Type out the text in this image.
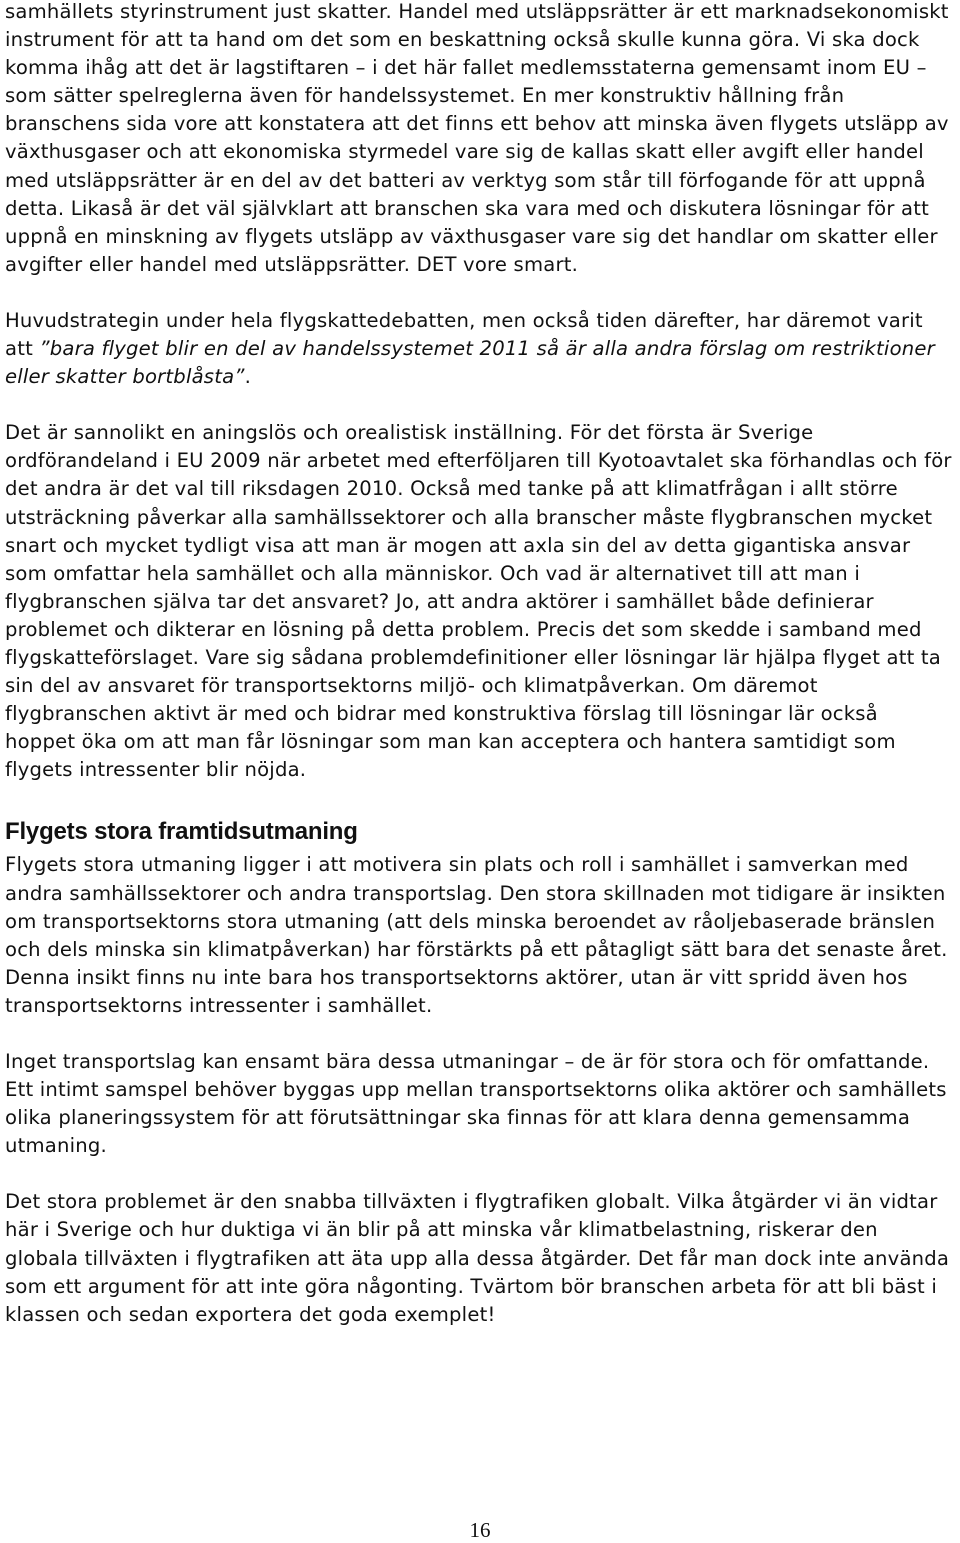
samhällets styrinstrument just skatter. Handel med utsläppsrätter är ett marknadsekonomiskt instrument för att ta hand om det som en beskattning också skulle kunna göra. Vi ska dock komma ihåg att det är lagstiftaren – i det här fallet medlemsstaterna gemensamt inom EU – som sätter spelreglerna även för handelssystemet. En mer konstruktiv hållning från branschens sida vore att konstatera att det finns ett behov att minska även flygets utsläpp av växthusgaser och att ekonomiska styrmedel vare sig de kallas skatt eller avgift eller handel med utsläppsrätter är en del av det batteri av verktyg som står till förfogande för att uppnå detta. Likaså är det väl självklart att branschen ska vara med och diskutera lösningar för att uppnå en minskning av flygets utsläpp av växthusgaser vare sig det handlar om skatter eller avgifter eller handel med utsläppsrätter. DET vore smart.

Huvudstrategin under hela flygskattedebatten, men också tiden därefter, har däremot varit att ”bara flyget blir en del av handelssystemet 2011 så är alla andra förslag om restriktioner eller skatter bortblåsta”.

Det är sannolikt en aningslös och orealistisk inställning. För det första är Sverige ordförandeland i EU 2009 när arbetet med efterföljaren till Kyotoavtalet ska förhandlas och för det andra är det val till riksdagen 2010. Också med tanke på att klimatfrågan i allt större utsträckning påverkar alla samhällssektorer och alla branscher måste flygbranschen mycket snart och mycket tydligt visa att man är mogen att axla sin del av detta gigantiska ansvar som omfattar hela samhället och alla människor. Och vad är alternativet till att man i flygbranschen själva tar det ansvaret? Jo, att andra aktörer i samhället både definierar problemet och dikterar en lösning på detta problem. Precis det som skedde i samband med flygskatteförslaget. Vare sig sådana problemdefinitioner eller lösningar lär hjälpa flyget att ta sin del av ansvaret för transportsektorns miljö- och klimatpåverkan. Om däremot flygbranschen aktivt är med och bidrar med konstruktiva förslag till lösningar lär också hoppet öka om att man får lösningar som man kan acceptera och hantera samtidigt som flygets intressenter blir nöjda.

Flygets stora framtidsutmaning

Flygets stora utmaning ligger i att motivera sin plats och roll i samhället i samverkan med andra samhällssektorer och andra transportslag. Den stora skillnaden mot tidigare är insikten om transportsektorns stora utmaning (att dels minska beroendet av råoljebaserade bränslen och dels minska sin klimatpåverkan) har förstärkts på ett påtagligt sätt bara det senaste året. Denna insikt finns nu inte bara hos transportsektorns aktörer, utan är vitt spridd även hos transportsektorns intressenter i samhället.

Inget transportslag kan ensamt bära dessa utmaningar – de är för stora och för omfattande. Ett intimt samspel behöver byggas upp mellan transportsektorns olika aktörer och samhällets olika planeringssystem för att förutsättningar ska finnas för att klara denna gemensamma utmaning.

Det stora problemet är den snabba tillväxten i flygtrafiken globalt. Vilka åtgärder vi än vidtar här i Sverige och hur duktiga vi än blir på att minska vår klimatbelastning, riskerar den globala tillväxten i flygtrafiken att äta upp alla dessa åtgärder. Det får man dock inte använda som ett argument för att inte göra någonting. Tvärtom bör branschen arbeta för att bli bäst i klassen och sedan exportera det goda exemplet!

16
